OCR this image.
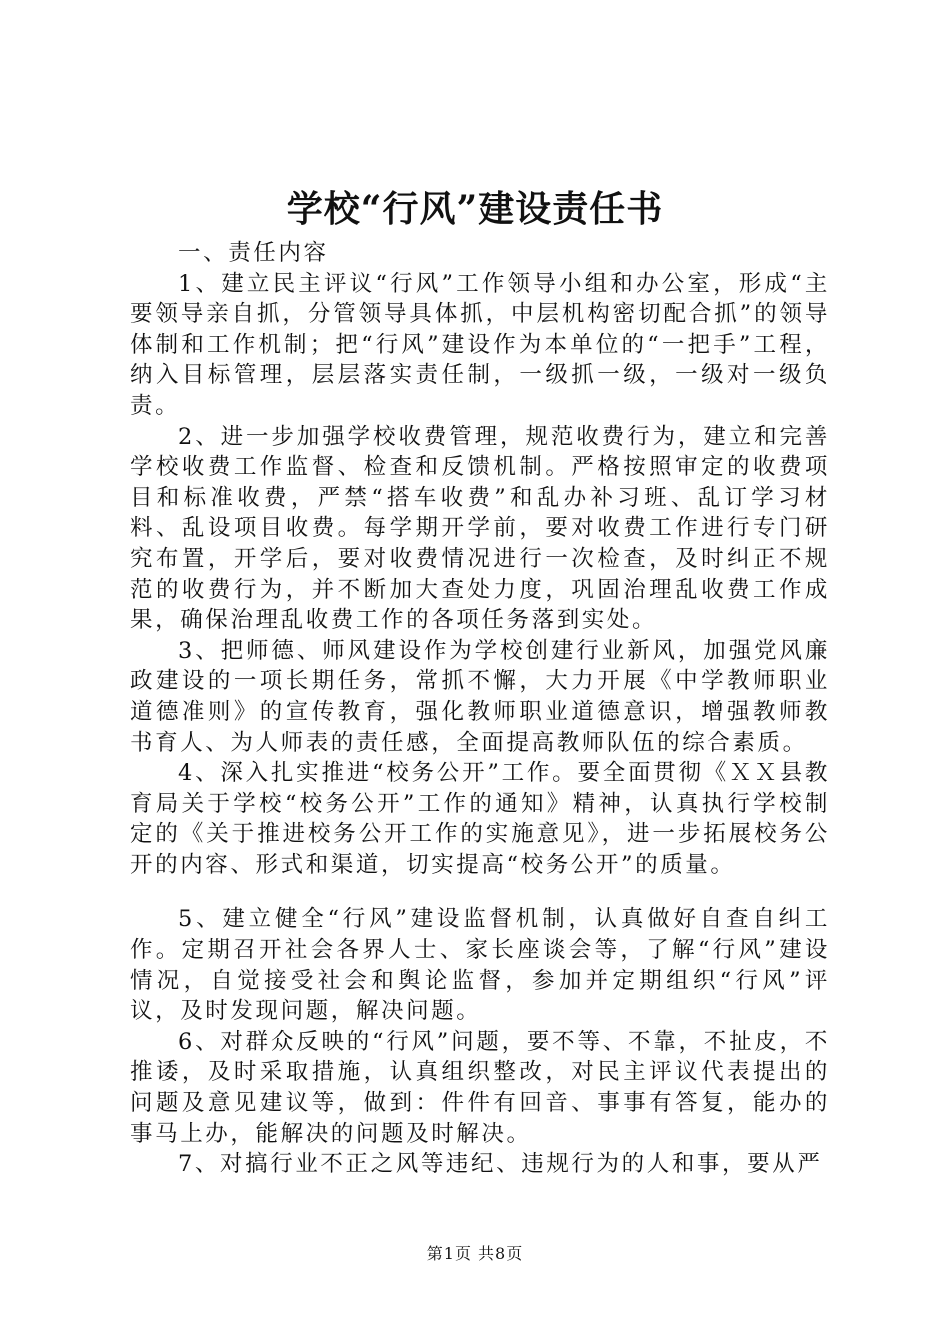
学校“行风”建设责任书

一、责任内容

1、建立民主评议“行风”工作领导小组和办公室，形成“主要领导亲自抓，分管领导具体抓，中层机构密切配合抓”的领导体制和工作机制；把“行风”建设作为本单位的“一把手”工程，纳入目标管理，层层落实责任制，一级抓一级，一级对一级负责。

2、进一步加强学校收费管理，规范收费行为，建立和完善学校收费工作监督、检查和反馈机制。严格按照审定的收费项目和标准收费，严禁“搭车收费”和乱办补习班、乱订学习材料、乱设项目收费。每学期开学前，要对收费工作进行专门研究布置，开学后，要对收费情况进行一次检查，及时纠正不规范的收费行为，并不断加大查处力度，巩固治理乱收费工作成果，确保治理乱收费工作的各项任务落到实处。

3、把师德、师风建设作为学校创建行业新风，加强党风廉政建设的一项长期任务，常抓不懈，大力开展《中学教师职业道德准则》的宣传教育，强化教师职业道德意识，增强教师教书育人、为人师表的责任感，全面提高教师队伍的综合素质。

4、深入扎实推进“校务公开”工作。要全面贯彻《ＸＸ县教育局关于学校“校务公开”工作的通知》精神，认真执行学校制定的《关于推进校务公开工作的实施意见》，进一步拓展校务公开的内容、形式和渠道，切实提高“校务公开”的质量。

5、建立健全“行风”建设监督机制，认真做好自查自纠工作。定期召开社会各界人士、家长座谈会等，了解“行风”建设情况，自觉接受社会和舆论监督，参加并定期组织“行风”评议，及时发现问题，解决问题。

6、对群众反映的“行风”问题，要不等、不靠，不扯皮，不推诿，及时采取措施，认真组织整改，对民主评议代表提出的问题及意见建议等，做到：件件有回音、事事有答复，能办的事马上办，能解决的问题及时解决。

7、对搞行业不正之风等违纪、违规行为的人和事，要从严

第1页 共8页
